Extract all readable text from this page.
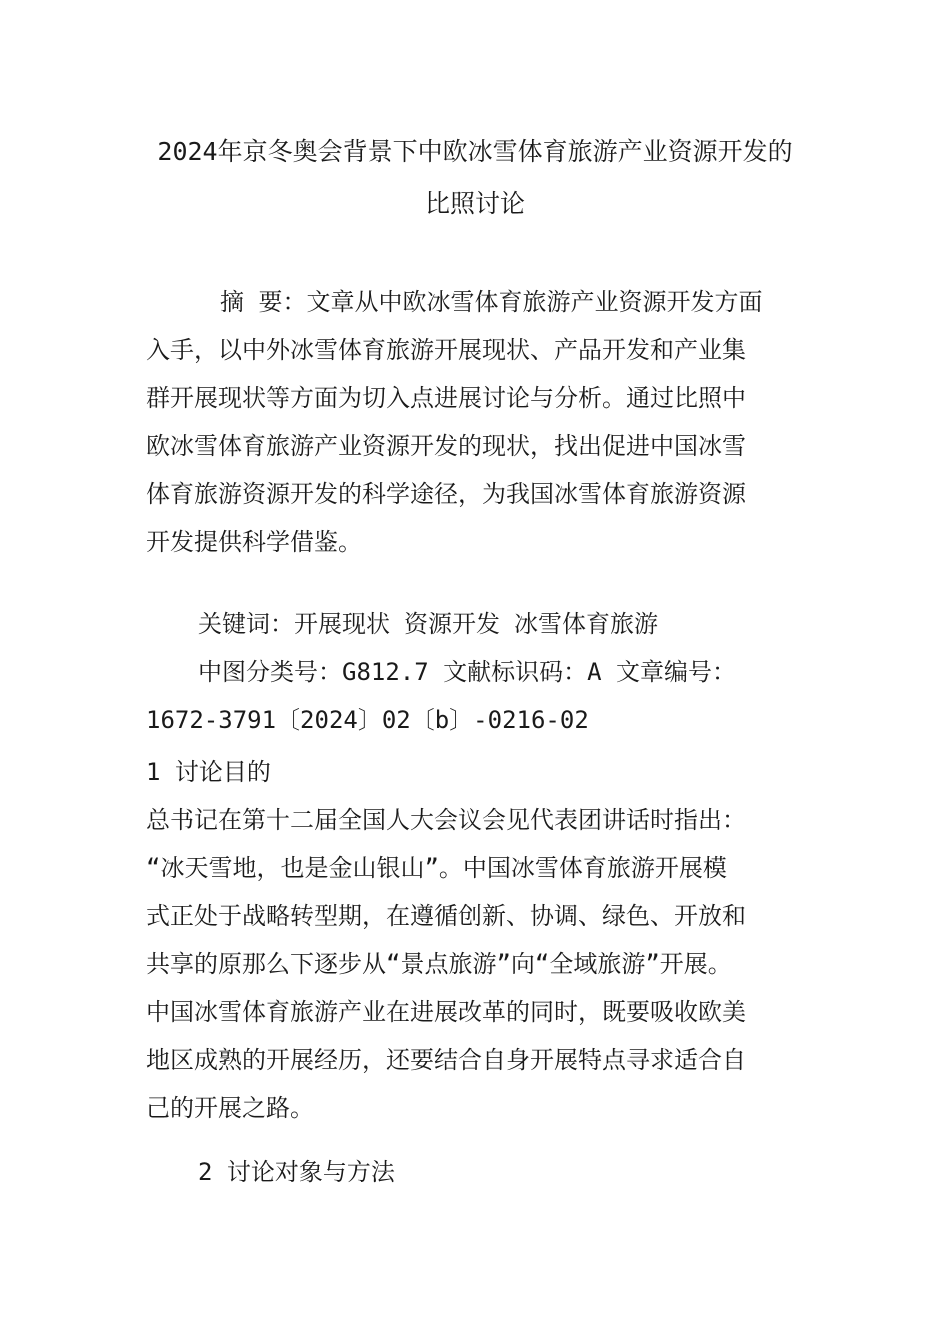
2024年京冬奥会背景下中欧冰雪体育旅游产业资源开发的
比照讨论
摘 要：文章从中欧冰雪体育旅游产业资源开发方面
入手，以中外冰雪体育旅游开展现状、产品开发和产业集
群开展现状等方面为切入点进展讨论与分析。通过比照中
欧冰雪体育旅游产业资源开发的现状，找出促进中国冰雪
体育旅游资源开发的科学途径，为我国冰雪体育旅游资源
开发提供科学借鉴。
关键词：开展现状 资源开发 冰雪体育旅游
中图分类号：G812.7 文献标识码：A 文章编号：
1672-3791〔2024〕02〔b〕-0216-02
1 讨论目的
总书记在第十二届全国人大会议会见代表团讲话时指出：
“冰天雪地，也是金山银山”。中国冰雪体育旅游开展模
式正处于战略转型期，在遵循创新、协调、绿色、开放和
共享的原那么下逐步从“景点旅游”向“全域旅游”开展。
中国冰雪体育旅游产业在进展改革的同时，既要吸收欧美
地区成熟的开展经历，还要结合自身开展特点寻求适合自
己的开展之路。
2 讨论对象与方法
